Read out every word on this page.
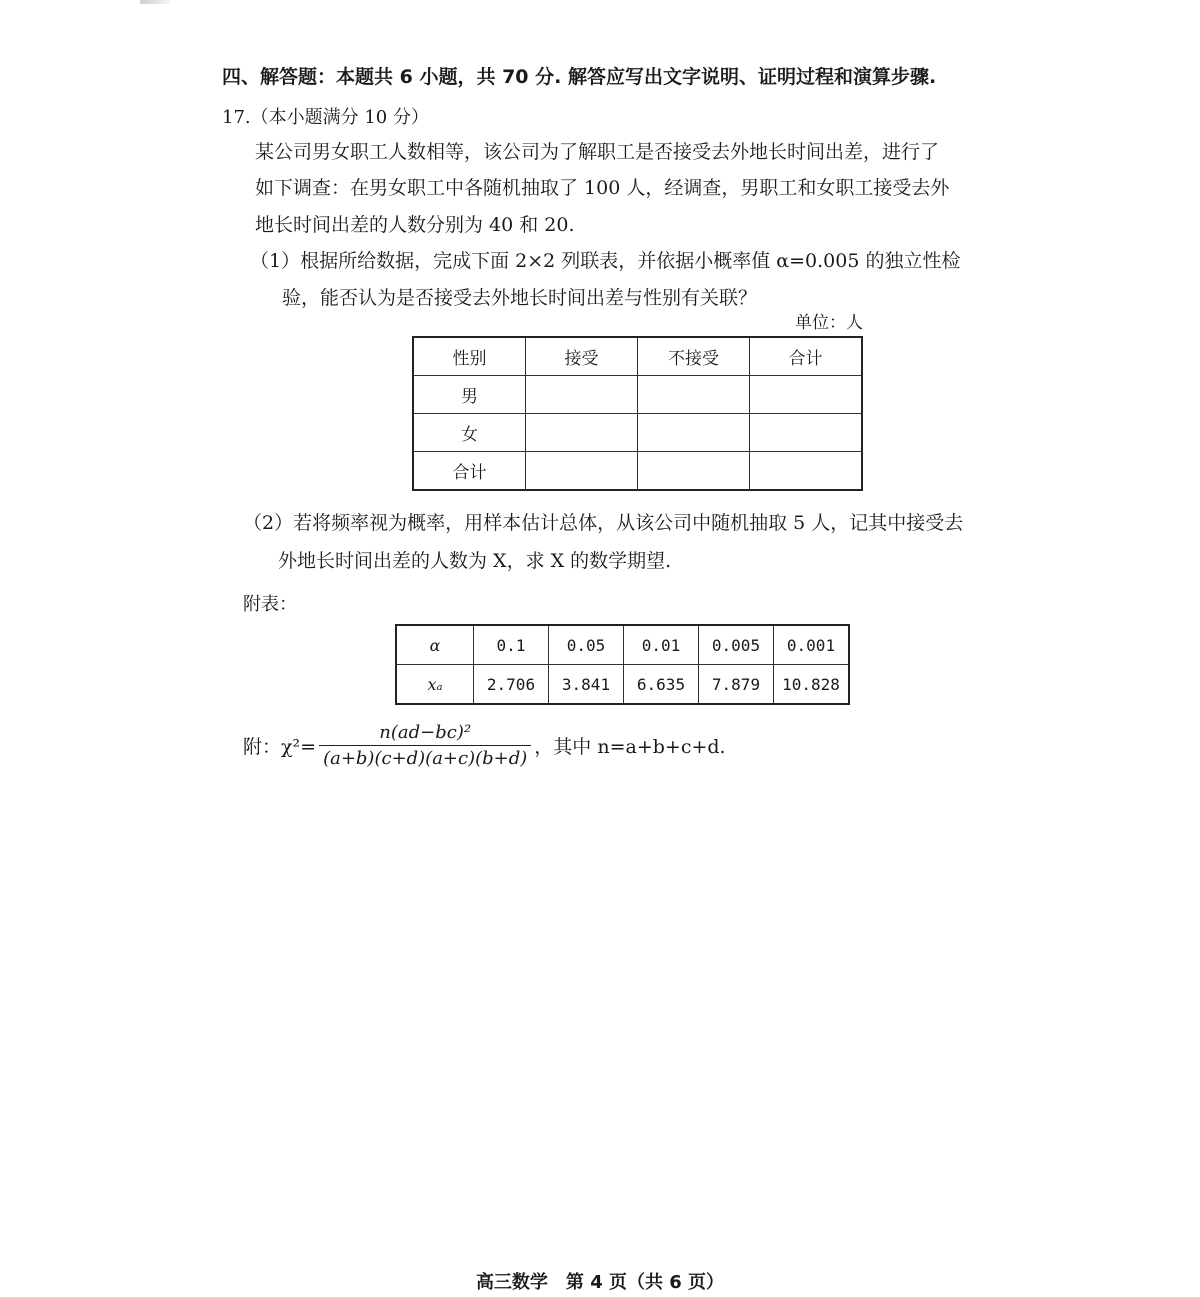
四、解答题：本题共 6 小题，共 70 分. 解答应写出文字说明、证明过程和演算步骤.
17.（本小题满分 10 分）
某公司男女职工人数相等，该公司为了解职工是否接受去外地长时间出差，进行了
如下调查：在男女职工中各随机抽取了 100 人，经调查，男职工和女职工接受去外
地长时间出差的人数分别为 40 和 20.
（1）根据所给数据，完成下面 2×2 列联表，并依据小概率值 α=0.005 的独立性检
验，能否认为是否接受去外地长时间出差与性别有关联？
单位：人
性别	接受	不接受	合计
男			
女			
合计			
（2）若将频率视为概率，用样本估计总体，从该公司中随机抽取 5 人，记其中接受去
外地长时间出差的人数为 X，求 X 的数学期望.
附表：
α	0.1	0.05	0.01	0.005	0.001
xₐ	2.706	3.841	6.635	7.879	10.828
附：$\chi^2= \frac{\text{n(ad−bc)²}}{(a+b)(c+d)(a+c)(b+d)}$ ，其中 n=a+b+c+d.
高三数学　第 4 页（共 6 页）
